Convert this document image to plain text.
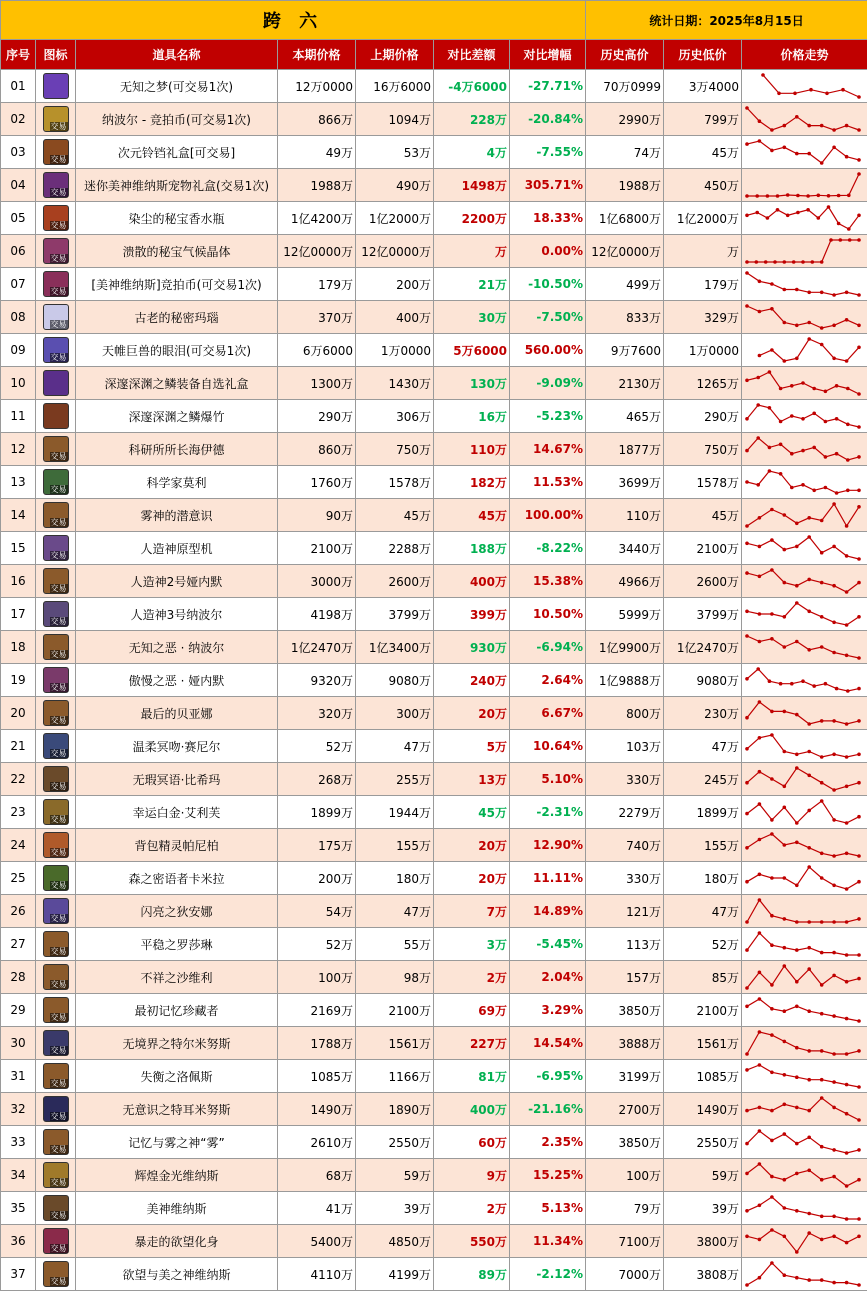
跨 六							统计日期：2025年8月15日		
序号	图标	道具名称	本期价格	上期价格	对比差额	对比增幅	历史高价	历史低价	价格走势
01		无知之梦(可交易1次)	12万0000	16万6000	-4万6000	-27.71%	70万0999	3万4000	

02	交易	纳波尔 - 竞拍币(可交易1次)	866万	1094万	228万	-20.84%	2990万	799万	

03	交易	次元铃铛礼盒[可交易]	49万	53万	4万	-7.55%	74万	45万	

04	交易	迷你美神维纳斯宠物礼盒(交易1次)	1988万	490万	1498万	305.71%	1988万	450万	

05	交易	染尘的秘宝香水瓶	1亿4200万	1亿2000万	2200万	18.33%	1亿6800万	1亿2000万	

06	交易	溃散的秘宝气候晶体	12亿0000万	12亿0000万	万	0.00%	12亿0000万	万	

07	交易	[美神维纳斯]竞拍币(可交易1次)	179万	200万	21万	-10.50%	499万	179万	

08	交易	古老的秘密玛瑙	370万	400万	30万	-7.50%	833万	329万	

09	交易	天帷巨兽的眼泪(可交易1次)	6万6000	1万0000	5万6000	560.00%	9万7600	1万0000	

10		深邃深渊之鳞装备自选礼盒	1300万	1430万	130万	-9.09%	2130万	1265万	

11		深邃深渊之鳞爆竹	290万	306万	16万	-5.23%	465万	290万	

12	交易	科研所所长海伊德	860万	750万	110万	14.67%	1877万	750万	

13	交易	科学家莫利	1760万	1578万	182万	11.53%	3699万	1578万	

14	交易	雾神的潜意识	90万	45万	45万	100.00%	110万	45万	

15	交易	人造神原型机	2100万	2288万	188万	-8.22%	3440万	2100万	

16	交易	人造神2号娅内默	3000万	2600万	400万	15.38%	4966万	2600万	

17	交易	人造神3号纳波尔	4198万	3799万	399万	10.50%	5999万	3799万	

18	交易	无知之恶 · 纳波尔	1亿2470万	1亿3400万	930万	-6.94%	1亿9900万	1亿2470万	

19	交易	傲慢之恶 · 娅内默	9320万	9080万	240万	2.64%	1亿9888万	9080万	

20	交易	最后的贝亚娜	320万	300万	20万	6.67%	800万	230万	

21	交易	温柔冥吻·赛尼尔	52万	47万	5万	10.64%	103万	47万	

22	交易	无瑕冥语·比希玛	268万	255万	13万	5.10%	330万	245万	

23	交易	幸运白金·艾利芙	1899万	1944万	45万	-2.31%	2279万	1899万	

24	交易	背包精灵帕尼柏	175万	155万	20万	12.90%	740万	155万	

25	交易	森之密语者卡米拉	200万	180万	20万	11.11%	330万	180万	

26	交易	闪亮之狄安娜	54万	47万	7万	14.89%	121万	47万	

27	交易	平稳之罗莎琳	52万	55万	3万	-5.45%	113万	52万	

28	交易	不祥之沙维利	100万	98万	2万	2.04%	157万	85万	

29	交易	最初记忆珍藏者	2169万	2100万	69万	3.29%	3850万	2100万	

30	交易	无境界之特尔米努斯	1788万	1561万	227万	14.54%	3888万	1561万	

31	交易	失衡之洛佩斯	1085万	1166万	81万	-6.95%	3199万	1085万	

32	交易	无意识之特耳米努斯	1490万	1890万	400万	-21.16%	2700万	1490万	

33	交易	记忆与雾之神“雾”	2610万	2550万	60万	2.35%	3850万	2550万	

34	交易	辉煌金光维纳斯	68万	59万	9万	15.25%	100万	59万	

35	交易	美神维纳斯	41万	39万	2万	5.13%	79万	39万	

36	交易	暴走的欲望化身	5400万	4850万	550万	11.34%	7100万	3800万	

37	交易	欲望与美之神维纳斯	4110万	4199万	89万	-2.12%	7000万	3808万	
